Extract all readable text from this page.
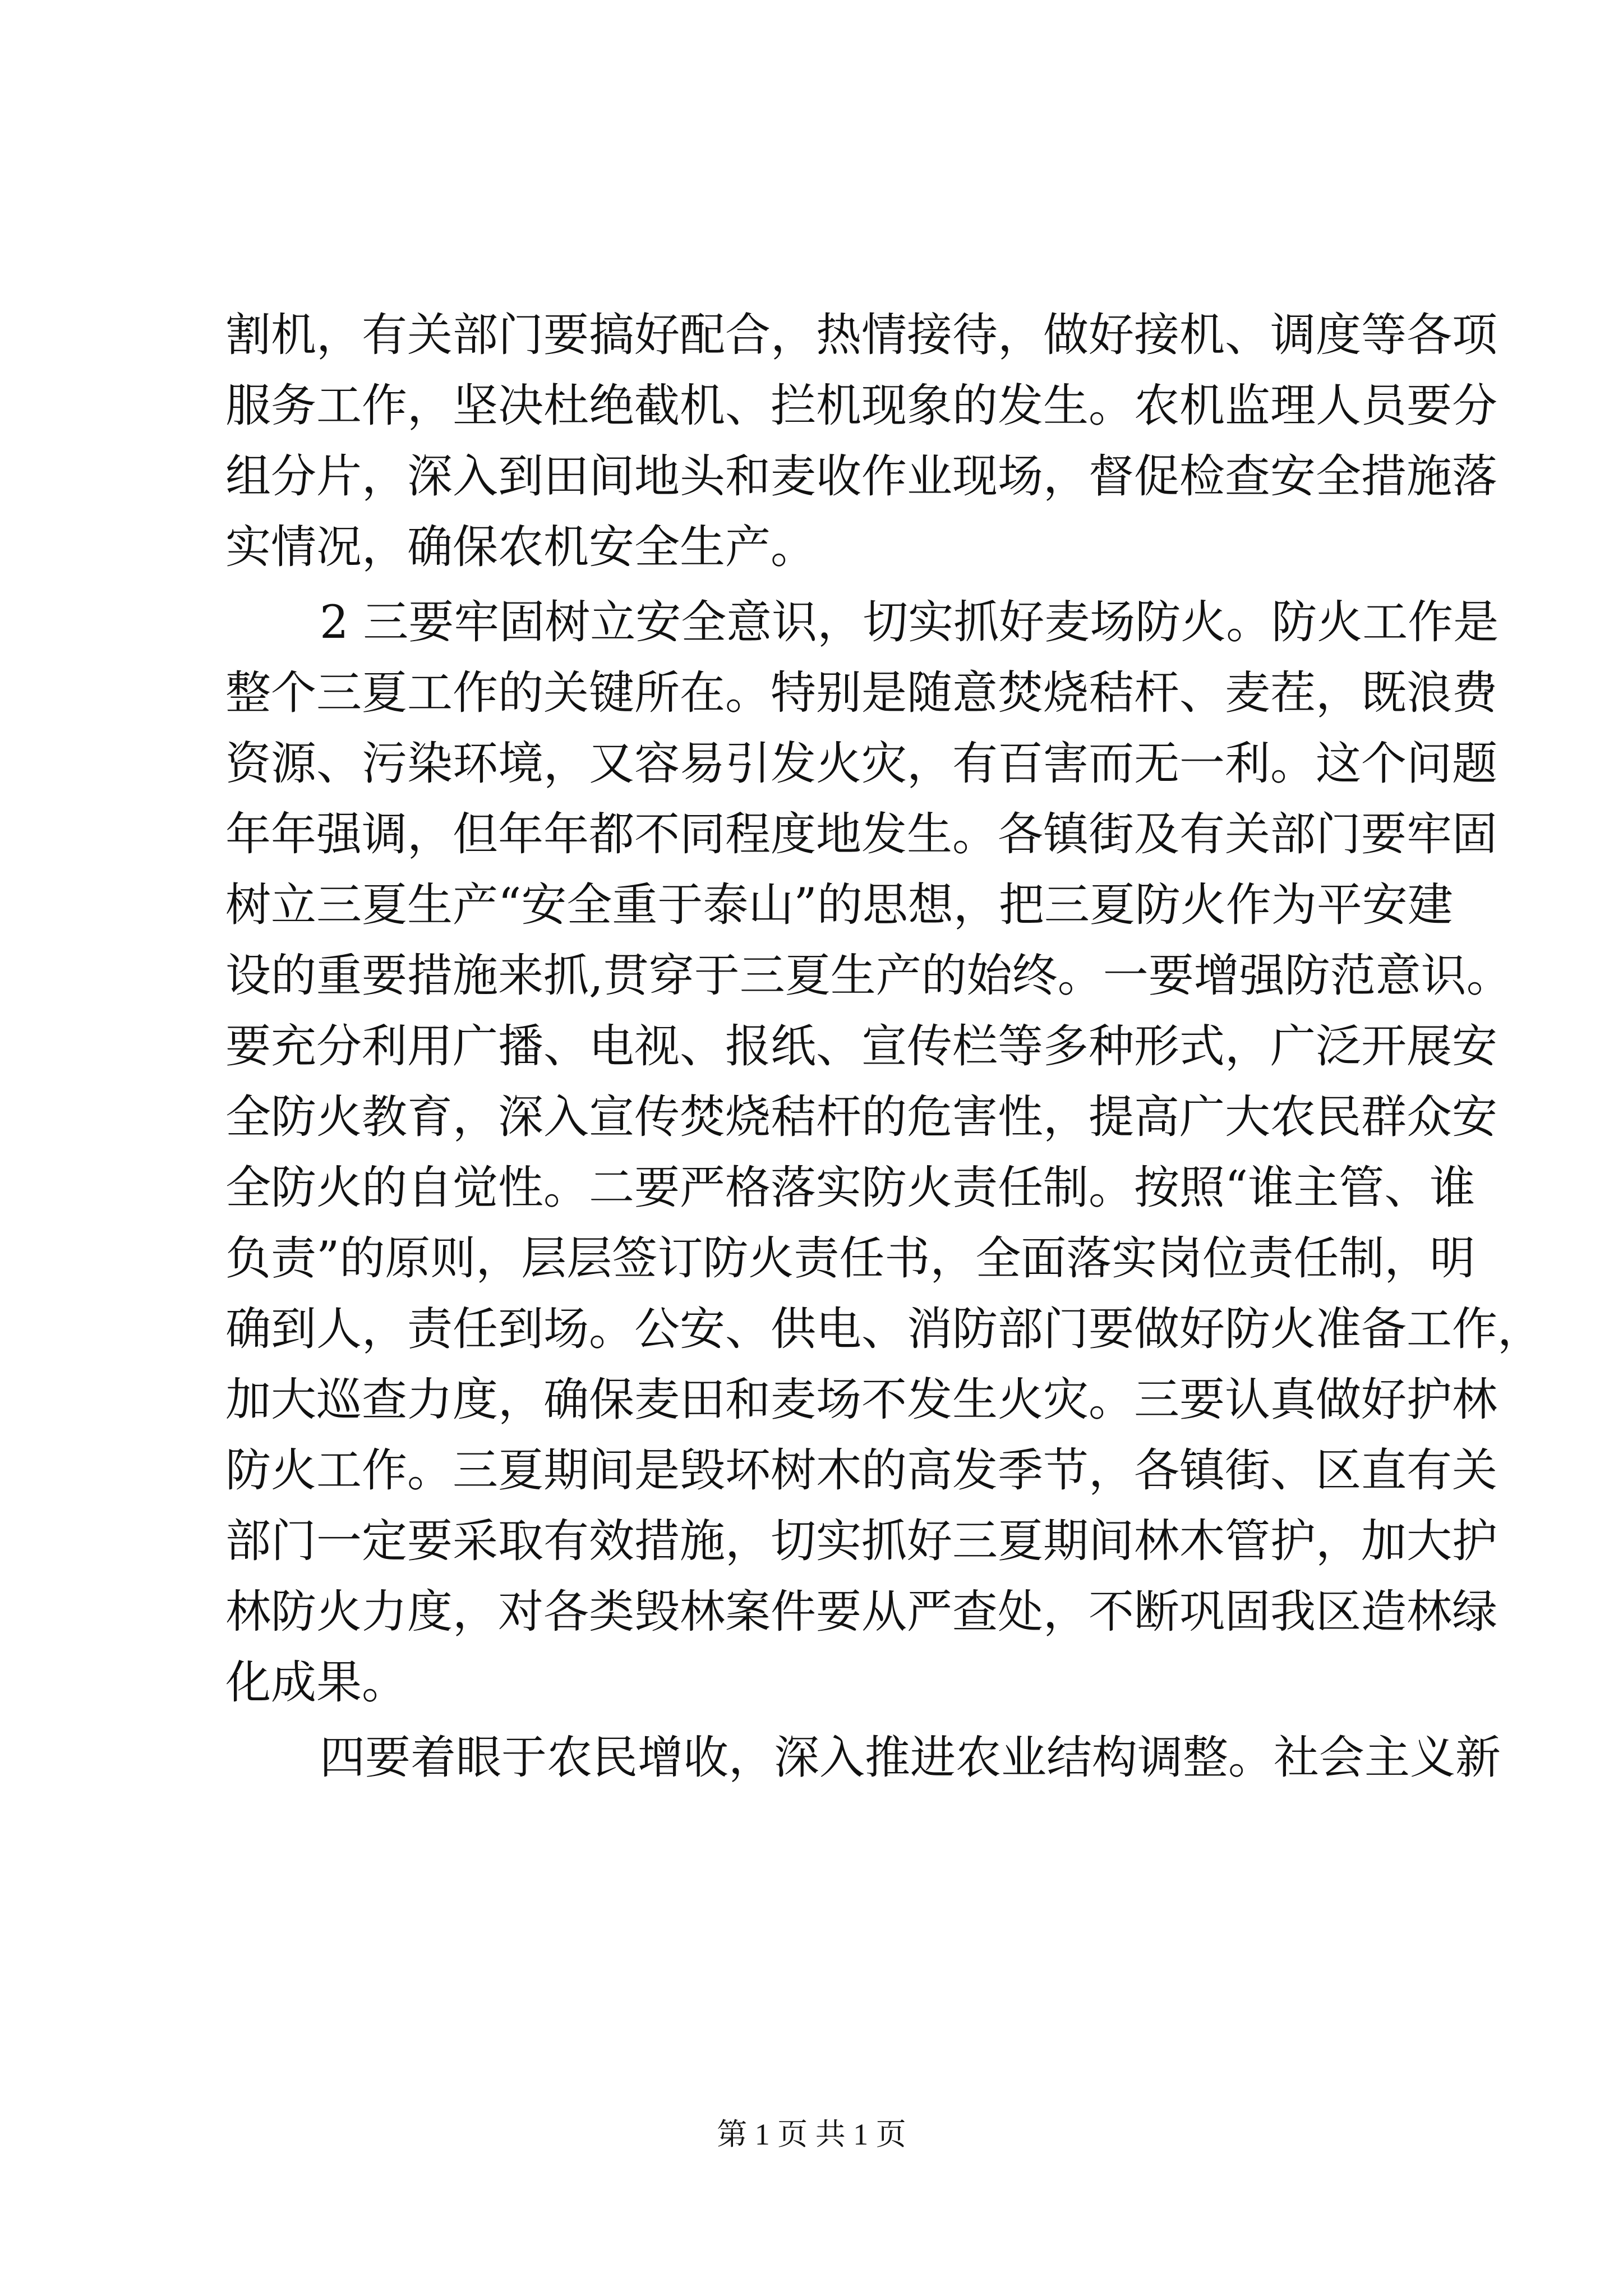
割机，有关部门要搞好配合，热情接待，做好接机、调度等各项
服务工作，坚决杜绝截机、拦机现象的发生。农机监理人员要分
组分片，深入到田间地头和麦收作业现场，督促检查安全措施落
实情况，确保农机安全生产。
2 三要牢固树立安全意识，切实抓好麦场防火。防火工作是
整个三夏工作的关键所在。特别是随意焚烧秸杆、麦茬，既浪费
资源、污染环境，又容易引发火灾，有百害而无一利。这个问题
年年强调，但年年都不同程度地发生。各镇街及有关部门要牢固
树立三夏生产“安全重于泰山”的思想，把三夏防火作为平安建
设的重要措施来抓,贯穿于三夏生产的始终。一要增强防范意识。
要充分利用广播、电视、报纸、宣传栏等多种形式，广泛开展安
全防火教育，深入宣传焚烧秸杆的危害性，提高广大农民群众安
全防火的自觉性。二要严格落实防火责任制。按照“谁主管、谁
负责”的原则，层层签订防火责任书，全面落实岗位责任制，明
确到人，责任到场。公安、供电、消防部门要做好防火准备工作，
加大巡查力度，确保麦田和麦场不发生火灾。三要认真做好护林
防火工作。三夏期间是毁坏树木的高发季节，各镇街、区直有关
部门一定要采取有效措施，切实抓好三夏期间林木管护，加大护
林防火力度，对各类毁林案件要从严查处，不断巩固我区造林绿
化成果。
四要着眼于农民增收，深入推进农业结构调整。社会主义新
第 1 页 共 1 页
